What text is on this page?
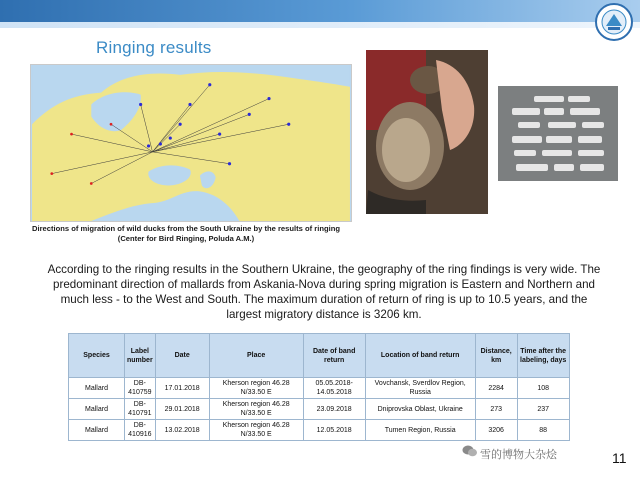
Ringing results
Directions of migration of wild ducks from the South Ukraine by the results of ringing
(Center for Bird Ringing, Poluda A.M.)
According to the ringing results in the Southern Ukraine, the geography of the ring findings is very wide. The predominant direction of mallards from Askania-Nova during spring migration is Eastern and Northern and much less - to the West and South. The maximum duration of return of ring is up to 10.5 years, and the largest migratory distance is 3206 km.
Species	Label number	Date	Place	Date of band return	Location of band return	Distance, km	Time after the labeling, days
Mallard	DB-410759	17.01.2018	Kherson region 46.28 N/33.50 E	05.05.2018-14.05.2018	Vovchansk, Sverdlov Region, Russia	2284	108
Mallard	DB-410791	29.01.2018	Kherson region 46.28 N/33.50 E	23.09.2018	Dniprovska Oblast, Ukraine	273	237
Mallard	DB-410916	13.02.2018	Kherson region 46.28 N/33.50 E	12.05.2018	Tumen Region, Russia	3206	88
雪的博物大杂烩	11
